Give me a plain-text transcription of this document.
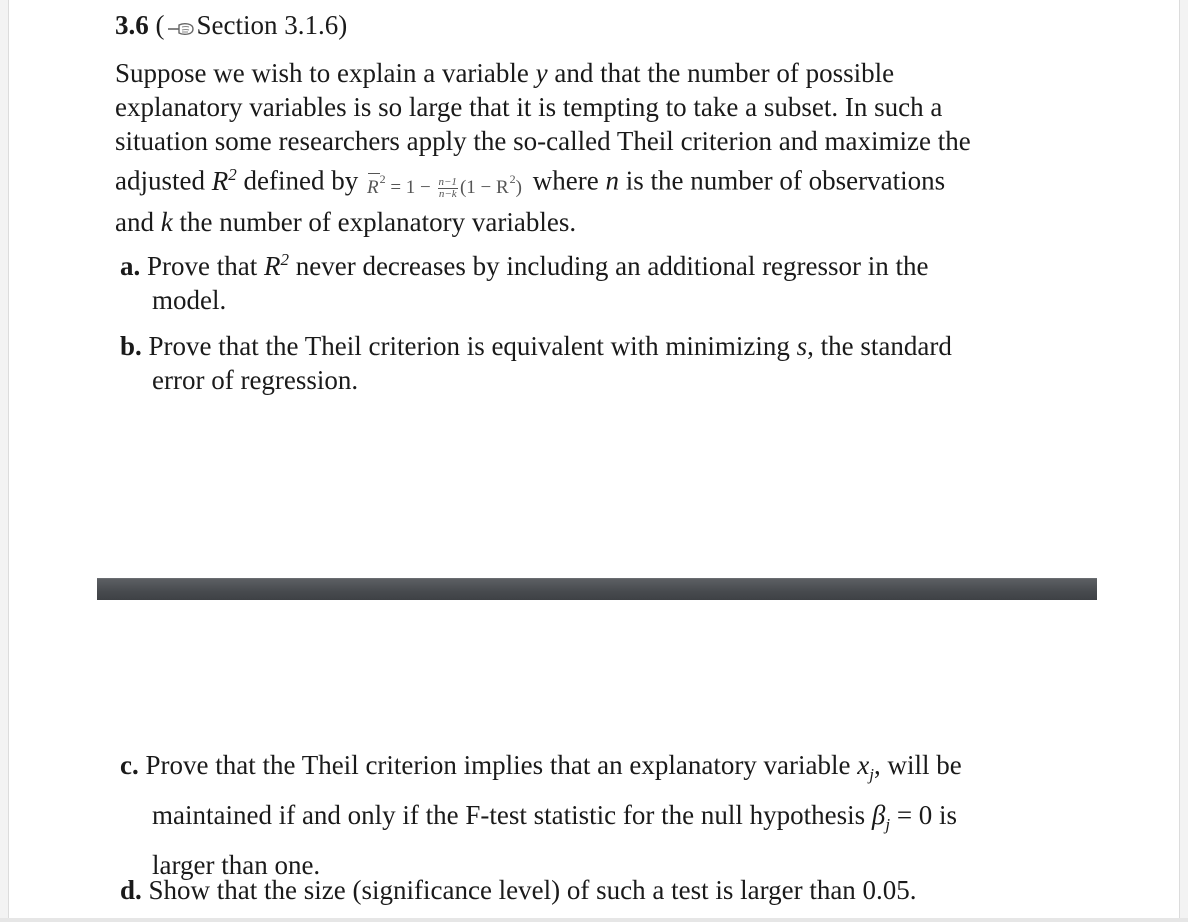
3.6 ( Section 3.1.6)
Suppose we wish to explain a variable y and that the number of possible
explanatory variables is so large that it is tempting to take a subset. In such a
situation some researchers apply the so-called Theil criterion and maximize the
adjusted $R^2$ defined by $R^2 = 1 - \frac{n-1}{n-k} (1 - R^2)$ where n is the number of observations
and k the number of explanatory variables.
a. Prove that $R^2$ never decreases by including an additional regressor in the
model.
b. Prove that the Theil criterion is equivalent with minimizing s, the standard
error of regression.
c. Prove that the Theil criterion implies that an explanatory variable $x_j$, will be
maintained if and only if the F-test statistic for the null hypothesis $\beta_j = 0$ is
larger than one.
d. Show that the size (significance level) of such a test is larger than 0.05.
